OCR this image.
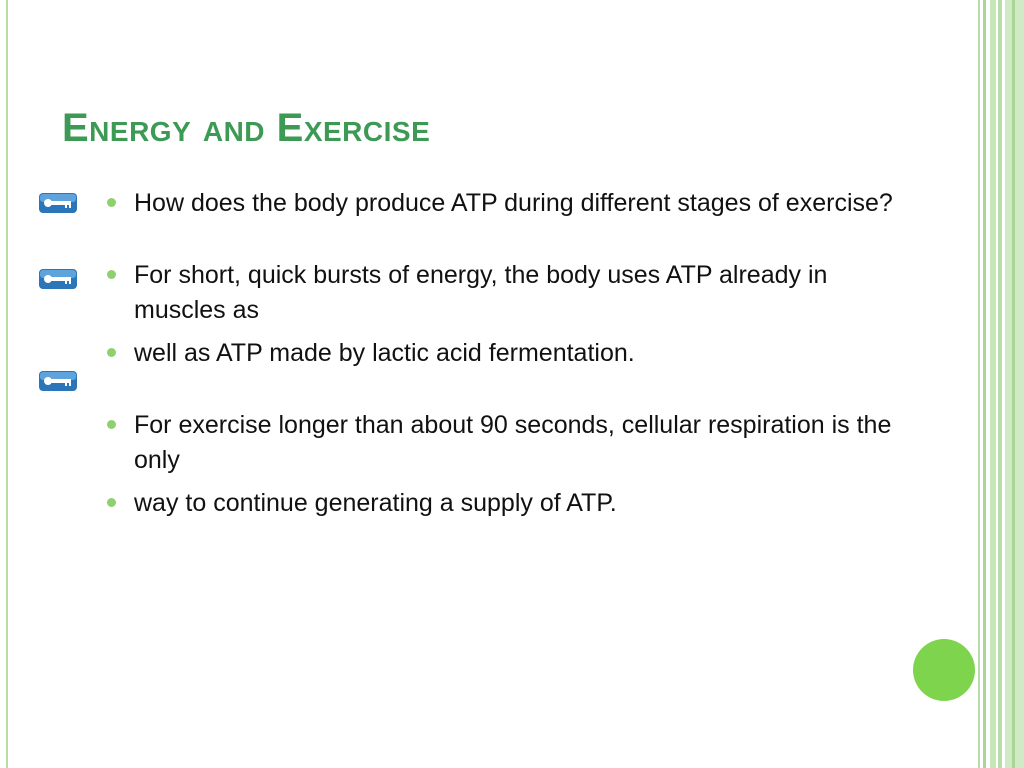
Energy and Exercise
How does the body produce ATP during different stages of exercise?
For short, quick bursts of energy, the body uses ATP already in muscles as
well as ATP made by lactic acid fermentation.
For exercise longer than about 90 seconds, cellular respiration is the only
way to continue generating a supply of ATP.
